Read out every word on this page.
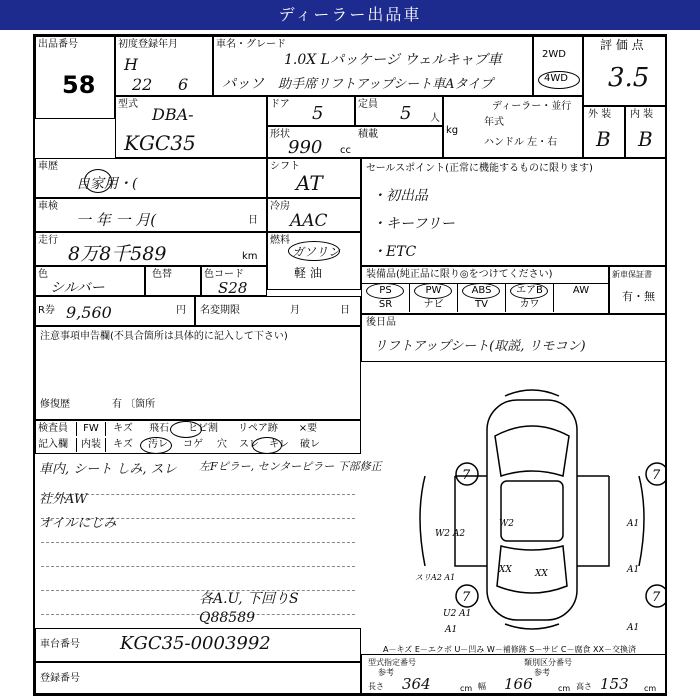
ディーラー出品車
出品番号
58
初度登録年月
H
22 6
車名・グレード
1.0X Lパッケージ ウェルキャブ車
パッソ 助手席リフトアップシート車Aタイプ
2WD
4WD
評 価 点
3.5
型式
DBA-
KGC35
ドア 5	定員 5 人
ディーラー・並行
kg
年式
ハンドル 左・右
形状	積載
990 cc
外 装
B
内 装
B
車歴
自家用・(
シフト
AT
セールスポイント(正常に機能するものに限ります)
・初出品
・キーフリー
・ETC
車検
一 年 一 月(	日
冷房
AAC
走行
8万8千589	km
燃料
ガソリン
軽 油
色
シルバー
色替	色コード
S28
装備品(純正品に限り◎をつけてください)
PS	PW	ABS	エアB	AW
SR	ナビ	TV	カワ
新車保証書
有・無
R券 9,560	円 名変期限	月	日
後日品
リフトアップシート(取説, リモコン)
注意事項申告欄(不具合箇所は具体的に記入して下さい)
修復歴	有 〔箇所
検査員
記入欄
FW	キズ	飛石	ヒビ割	リペア跡	×要
内装	キズ	汚レ	コゲ	穴	スレ	キレ	破レ
車内, シート しみ, スレ
社外AW
オイルにじみ
左Fピラー, センターピラー 下部修正
各A.U, 下回りS
Q88589
7	7
7	7
W2 A2
W2	A1
A1
A1
A1
U2 A1
XX	XX
スリA2 A1
車台番号 KGC35-0003992
登録番号
A－キズ E－エクボ U－凹み W－補修跡 S－サビ C－腐食 XX－交換済
型式指定番号
参考
類別区分番号
参考
長さ 364	cm 幅 166	cm 高さ 153 cm
